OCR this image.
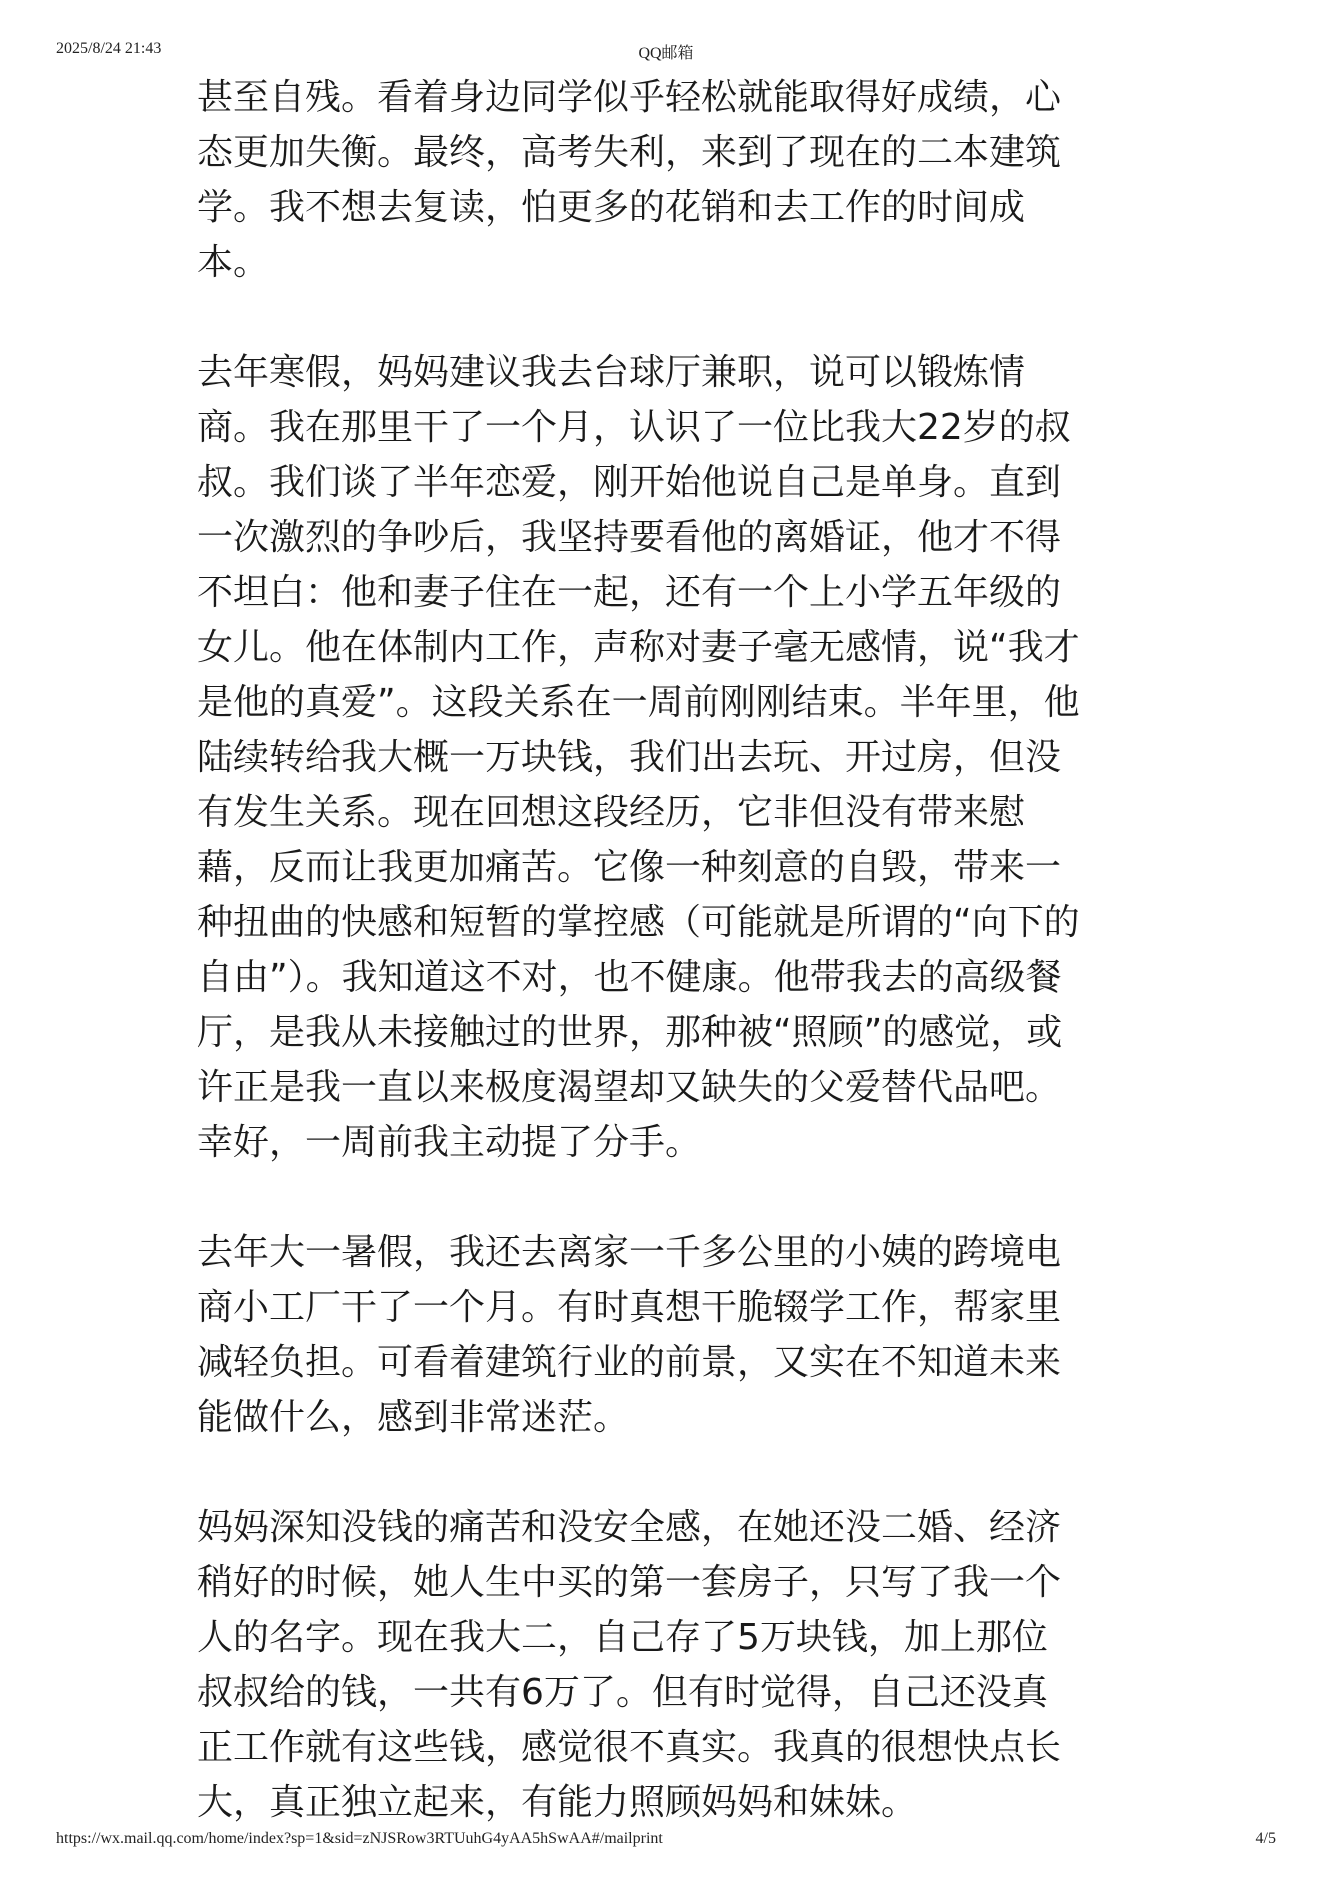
2025/8/24 21:43	QQ邮箱
甚至自残。看着身边同学似乎轻松就能取得好成绩，心
态更加失衡。最终，高考失利，来到了现在的二本建筑
学。我不想去复读，怕更多的花销和去工作的时间成
本。
去年寒假，妈妈建议我去台球厅兼职，说可以锻炼情
商。我在那里干了一个月，认识了一位比我大22岁的叔
叔。我们谈了半年恋爱，刚开始他说自己是单身。直到
一次激烈的争吵后，我坚持要看他的离婚证，他才不得
不坦白：他和妻子住在一起，还有一个上小学五年级的
女儿。他在体制内工作，声称对妻子毫无感情，说“我才
是他的真爱”。这段关系在一周前刚刚结束。半年里，他
陆续转给我大概一万块钱，我们出去玩、开过房，但没
有发生关系。现在回想这段经历，它非但没有带来慰
藉，反而让我更加痛苦。它像一种刻意的自毁，带来一
种扭曲的快感和短暂的掌控感（可能就是所谓的“向下的
自由”）。我知道这不对，也不健康。他带我去的高级餐
厅，是我从未接触过的世界，那种被“照顾”的感觉，或
许正是我一直以来极度渴望却又缺失的父爱替代品吧。
幸好，一周前我主动提了分手。
去年大一暑假，我还去离家一千多公里的小姨的跨境电
商小工厂干了一个月。有时真想干脆辍学工作，帮家里
减轻负担。可看着建筑行业的前景，又实在不知道未来
能做什么，感到非常迷茫。
妈妈深知没钱的痛苦和没安全感，在她还没二婚、经济
稍好的时候，她人生中买的第一套房子，只写了我一个
人的名字。现在我大二，自己存了5万块钱，加上那位
叔叔给的钱，一共有6万了。但有时觉得，自己还没真
正工作就有这些钱，感觉很不真实。我真的很想快点长
大，真正独立起来，有能力照顾妈妈和妹妹。
https://wx.mail.qq.com/home/index?sp=1&sid=zNJSRow3RTUuhG4yAA5hSwAA#/mailprint	4/5
